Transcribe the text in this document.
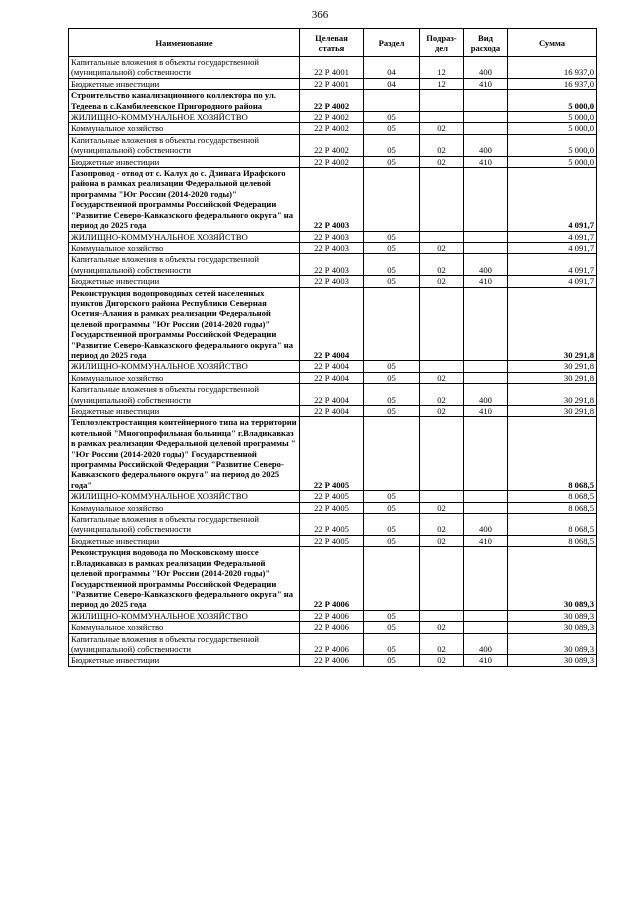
366
Наименование	Целевая статья	Раздел	Подраз-дел	Вид расхода	Сумма
Капитальные вложения в объекты государственной (муниципальной) собственности	22 Р 4001	04	12	400	16 937,0
Бюджетные инвестиции	22 Р 4001	04	12	410	16 937,0
Строительство канализационного коллектора по ул. Тедеева в с.Камбилеевское Пригородного района	22 Р 4002				5 000,0
ЖИЛИЩНО-КОММУНАЛЬНОЕ ХОЗЯЙСТВО	22 Р 4002	05			5 000,0
Коммунальное хозяйство	22 Р 4002	05	02		5 000,0
Капитальные вложения в объекты государственной (муниципальной) собственности	22 Р 4002	05	02	400	5 000,0
Бюджетные инвестиции	22 Р 4002	05	02	410	5 000,0
Газопровод - отвод от с. Калух до с. Дзинага Ирафского района в рамках реализации Федеральной целевой программы "Юг России (2014-2020 годы)" Государственной программы Российской Федерации "Развитие Северо-Кавказского федерального округа" на период до 2025 года	22 Р 4003				4 091,7
ЖИЛИЩНО-КОММУНАЛЬНОЕ ХОЗЯЙСТВО	22 Р 4003	05			4 091,7
Коммунальное хозяйство	22 Р 4003	05	02		4 091,7
Капитальные вложения в объекты государственной (муниципальной) собственности	22 Р 4003	05	02	400	4 091,7
Бюджетные инвестиции	22 Р 4003	05	02	410	4 091,7
Реконструкция водопроводных сетей населенных пунктов Дигорского района Республики Северная Осетия-Алания в рамках реализации Федеральной целевой программы "Юг России (2014-2020 годы)" Государственной программы Российской Федерации "Развитие Северо-Кавказского федерального округа" на период до 2025 года	22 Р 4004				30 291,8
ЖИЛИЩНО-КОММУНАЛЬНОЕ ХОЗЯЙСТВО	22 Р 4004	05			30 291,8
Коммунальное хозяйство	22 Р 4004	05	02		30 291,8
Капитальные вложения в объекты государственной (муниципальной) собственности	22 Р 4004	05	02	400	30 291,8
Бюджетные инвестиции	22 Р 4004	05	02	410	30 291,8
Теплоэлектростанция контейнерного типа на территории котельной "Многопрофильная больница" г.Владикавказ в рамках реализации Федеральной целевой программы " "Юг России (2014-2020 годы)" Государственной программы Российской Федерации "Развитие Северо-Кавказского федерального округа" на период до 2025 года"	22 Р 4005				8 068,5
ЖИЛИЩНО-КОММУНАЛЬНОЕ ХОЗЯЙСТВО	22 Р 4005	05			8 068,5
Коммунальное хозяйство	22 Р 4005	05	02		8 068,5
Капитальные вложения в объекты государственной (муниципальной) собственности	22 Р 4005	05	02	400	8 068,5
Бюджетные инвестиции	22 Р 4005	05	02	410	8 068,5
Реконструкция водовода по Московскому шоссе г.Владикавказ в рамках реализации Федеральной целевой программы "Юг России (2014-2020 годы)" Государственной программы Российской Федерации "Развитие Северо-Кавказского федерального округа" на период до 2025 года	22 Р 4006				30 089,3
ЖИЛИЩНО-КОММУНАЛЬНОЕ ХОЗЯЙСТВО	22 Р 4006	05			30 089,3
Коммунальное хозяйство	22 Р 4006	05	02		30 089,3
Капитальные вложения в объекты государственной (муниципальной) собственности	22 Р 4006	05	02	400	30 089,3
Бюджетные инвестиции	22 Р 4006	05	02	410	30 089,3
